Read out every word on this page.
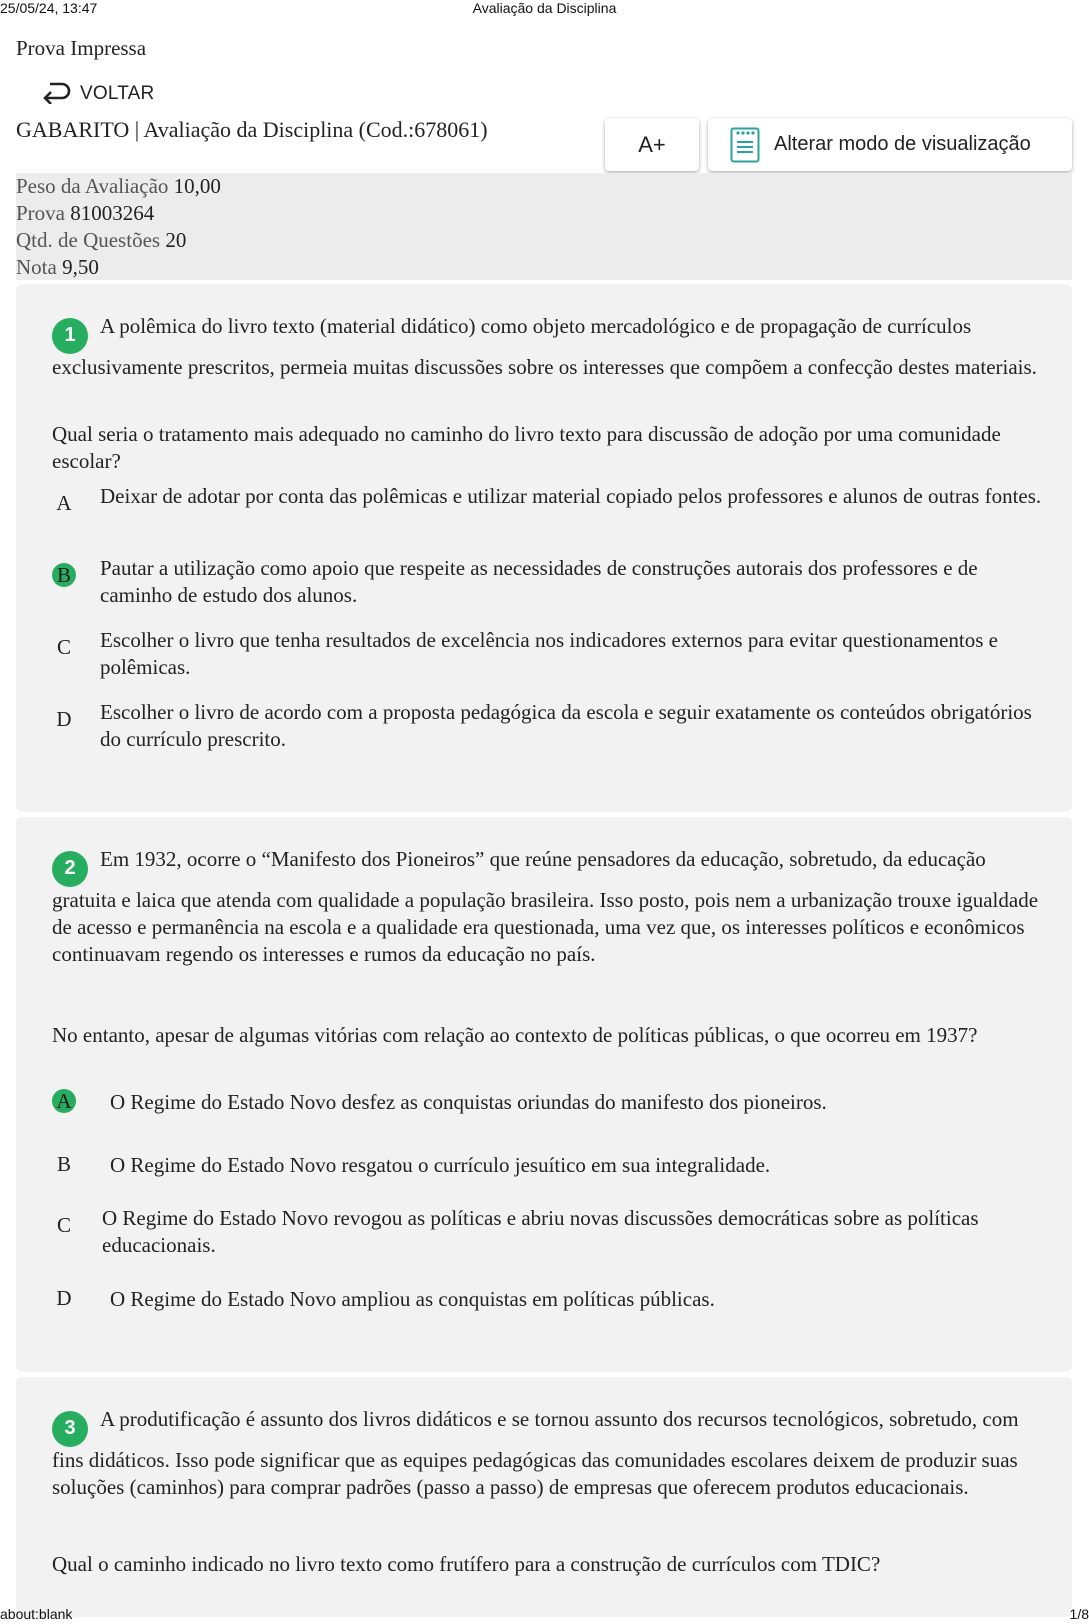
25/05/24, 13:47	Avaliação da Disciplina
Prova Impressa
VOLTAR
GABARITO | Avaliação da Disciplina (Cod.:678061)
A+	Alterar modo de visualização
Peso da Avaliação 10,00
Prova 81003264
Qtd. de Questões 20
Nota 9,50
1 A polêmica do livro texto (material didático) como objeto mercadológico e de propagação de currículos exclusivamente prescritos, permeia muitas discussões sobre os interesses que compõem a confecção destes materiais.
Qual seria o tratamento mais adequado no caminho do livro texto para discussão de adoção por uma comunidade escolar?
A Deixar de adotar por conta das polêmicas e utilizar material copiado pelos professores e alunos de outras fontes.
B Pautar a utilização como apoio que respeite as necessidades de construções autorais dos professores e de caminho de estudo dos alunos.
C Escolher o livro que tenha resultados de excelência nos indicadores externos para evitar questionamentos e polêmicas.
D Escolher o livro de acordo com a proposta pedagógica da escola e seguir exatamente os conteúdos obrigatórios do currículo prescrito.
2 Em 1932, ocorre o “Manifesto dos Pioneiros” que reúne pensadores da educação, sobretudo, da educação gratuita e laica que atenda com qualidade a população brasileira. Isso posto, pois nem a urbanização trouxe igualdade de acesso e permanência na escola e a qualidade era questionada, uma vez que, os interesses políticos e econômicos continuavam regendo os interesses e rumos da educação no país.
No entanto, apesar de algumas vitórias com relação ao contexto de políticas públicas, o que ocorreu em 1937?
A O Regime do Estado Novo desfez as conquistas oriundas do manifesto dos pioneiros.
B O Regime do Estado Novo resgatou o currículo jesuítico em sua integralidade.
C O Regime do Estado Novo revogou as políticas e abriu novas discussões democráticas sobre as políticas educacionais.
D O Regime do Estado Novo ampliou as conquistas em políticas públicas.
3 A produtificação é assunto dos livros didáticos e se tornou assunto dos recursos tecnológicos, sobretudo, com fins didáticos. Isso pode significar que as equipes pedagógicas das comunidades escolares deixem de produzir suas soluções (caminhos) para comprar padrões (passo a passo) de empresas que oferecem produtos educacionais.
Qual o caminho indicado no livro texto como frutífero para a construção de currículos com TDIC?
about:blank	1/8
